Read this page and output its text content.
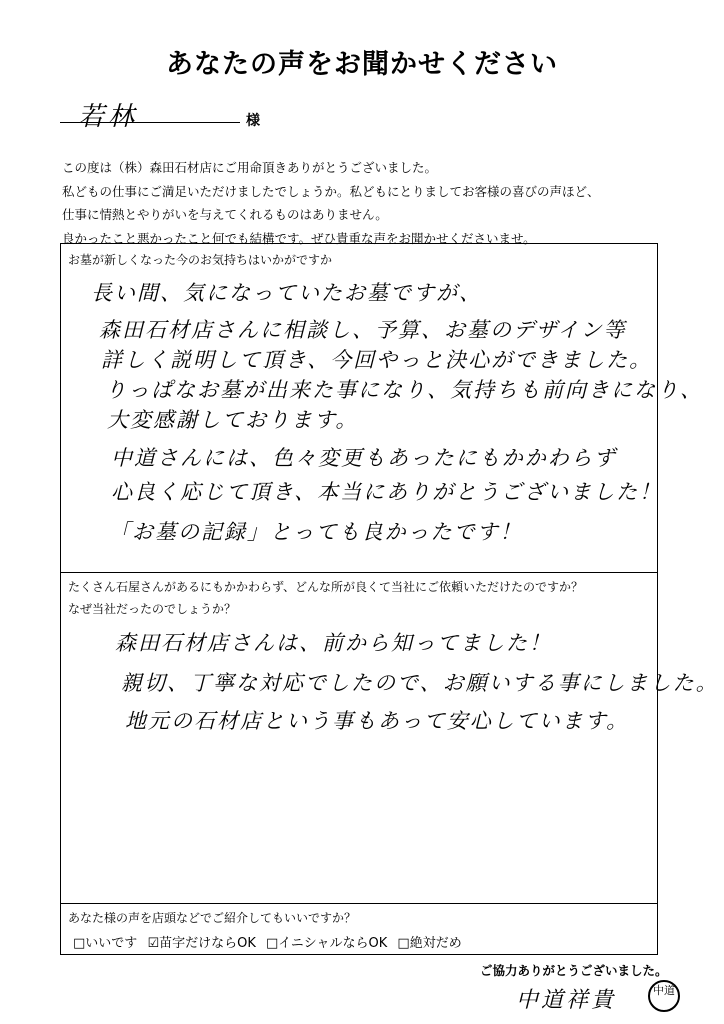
あなたの声をお聞かせください
若林	様
この度は（株）森田石材店にご用命頂きありがとうございました。
私どもの仕事にご満足いただけましたでしょうか。私どもにとりましてお客様の喜びの声ほど、
仕事に情熱とやりがいを与えてくれるものはありません。
良かったこと悪かったこと何でも結構です。ぜひ貴重な声をお聞かせくださいませ。
お墓が新しくなった今のお気持ちはいかがですか
長い間、気になっていたお墓ですが、
森田石材店さんに相談し、予算、お墓のデザイン等
詳しく説明して頂き、今回やっと決心ができました。
りっぱなお墓が出来た事になり、気持ちも前向きになり、
大変感謝しております。
中道さんには、色々変更もあったにもかかわらず
心良く応じて頂き、本当にありがとうございました！
「お墓の記録」とっても良かったです！
たくさん石屋さんがあるにもかかわらず、どんな所が良くて当社にご依頼いただけたのですか？
なぜ当社だったのでしょうか？
森田石材店さんは、前から知ってました！
親切、丁寧な対応でしたので、お願いする事にしました。
地元の石材店という事もあって安心しています。
あなた様の声を店頭などでご紹介してもいいですか？
□いいです ☑苗字だけならOK □イニシャルならOK □絶対だめ
ご協力ありがとうございました。
中道祥貴	中道
